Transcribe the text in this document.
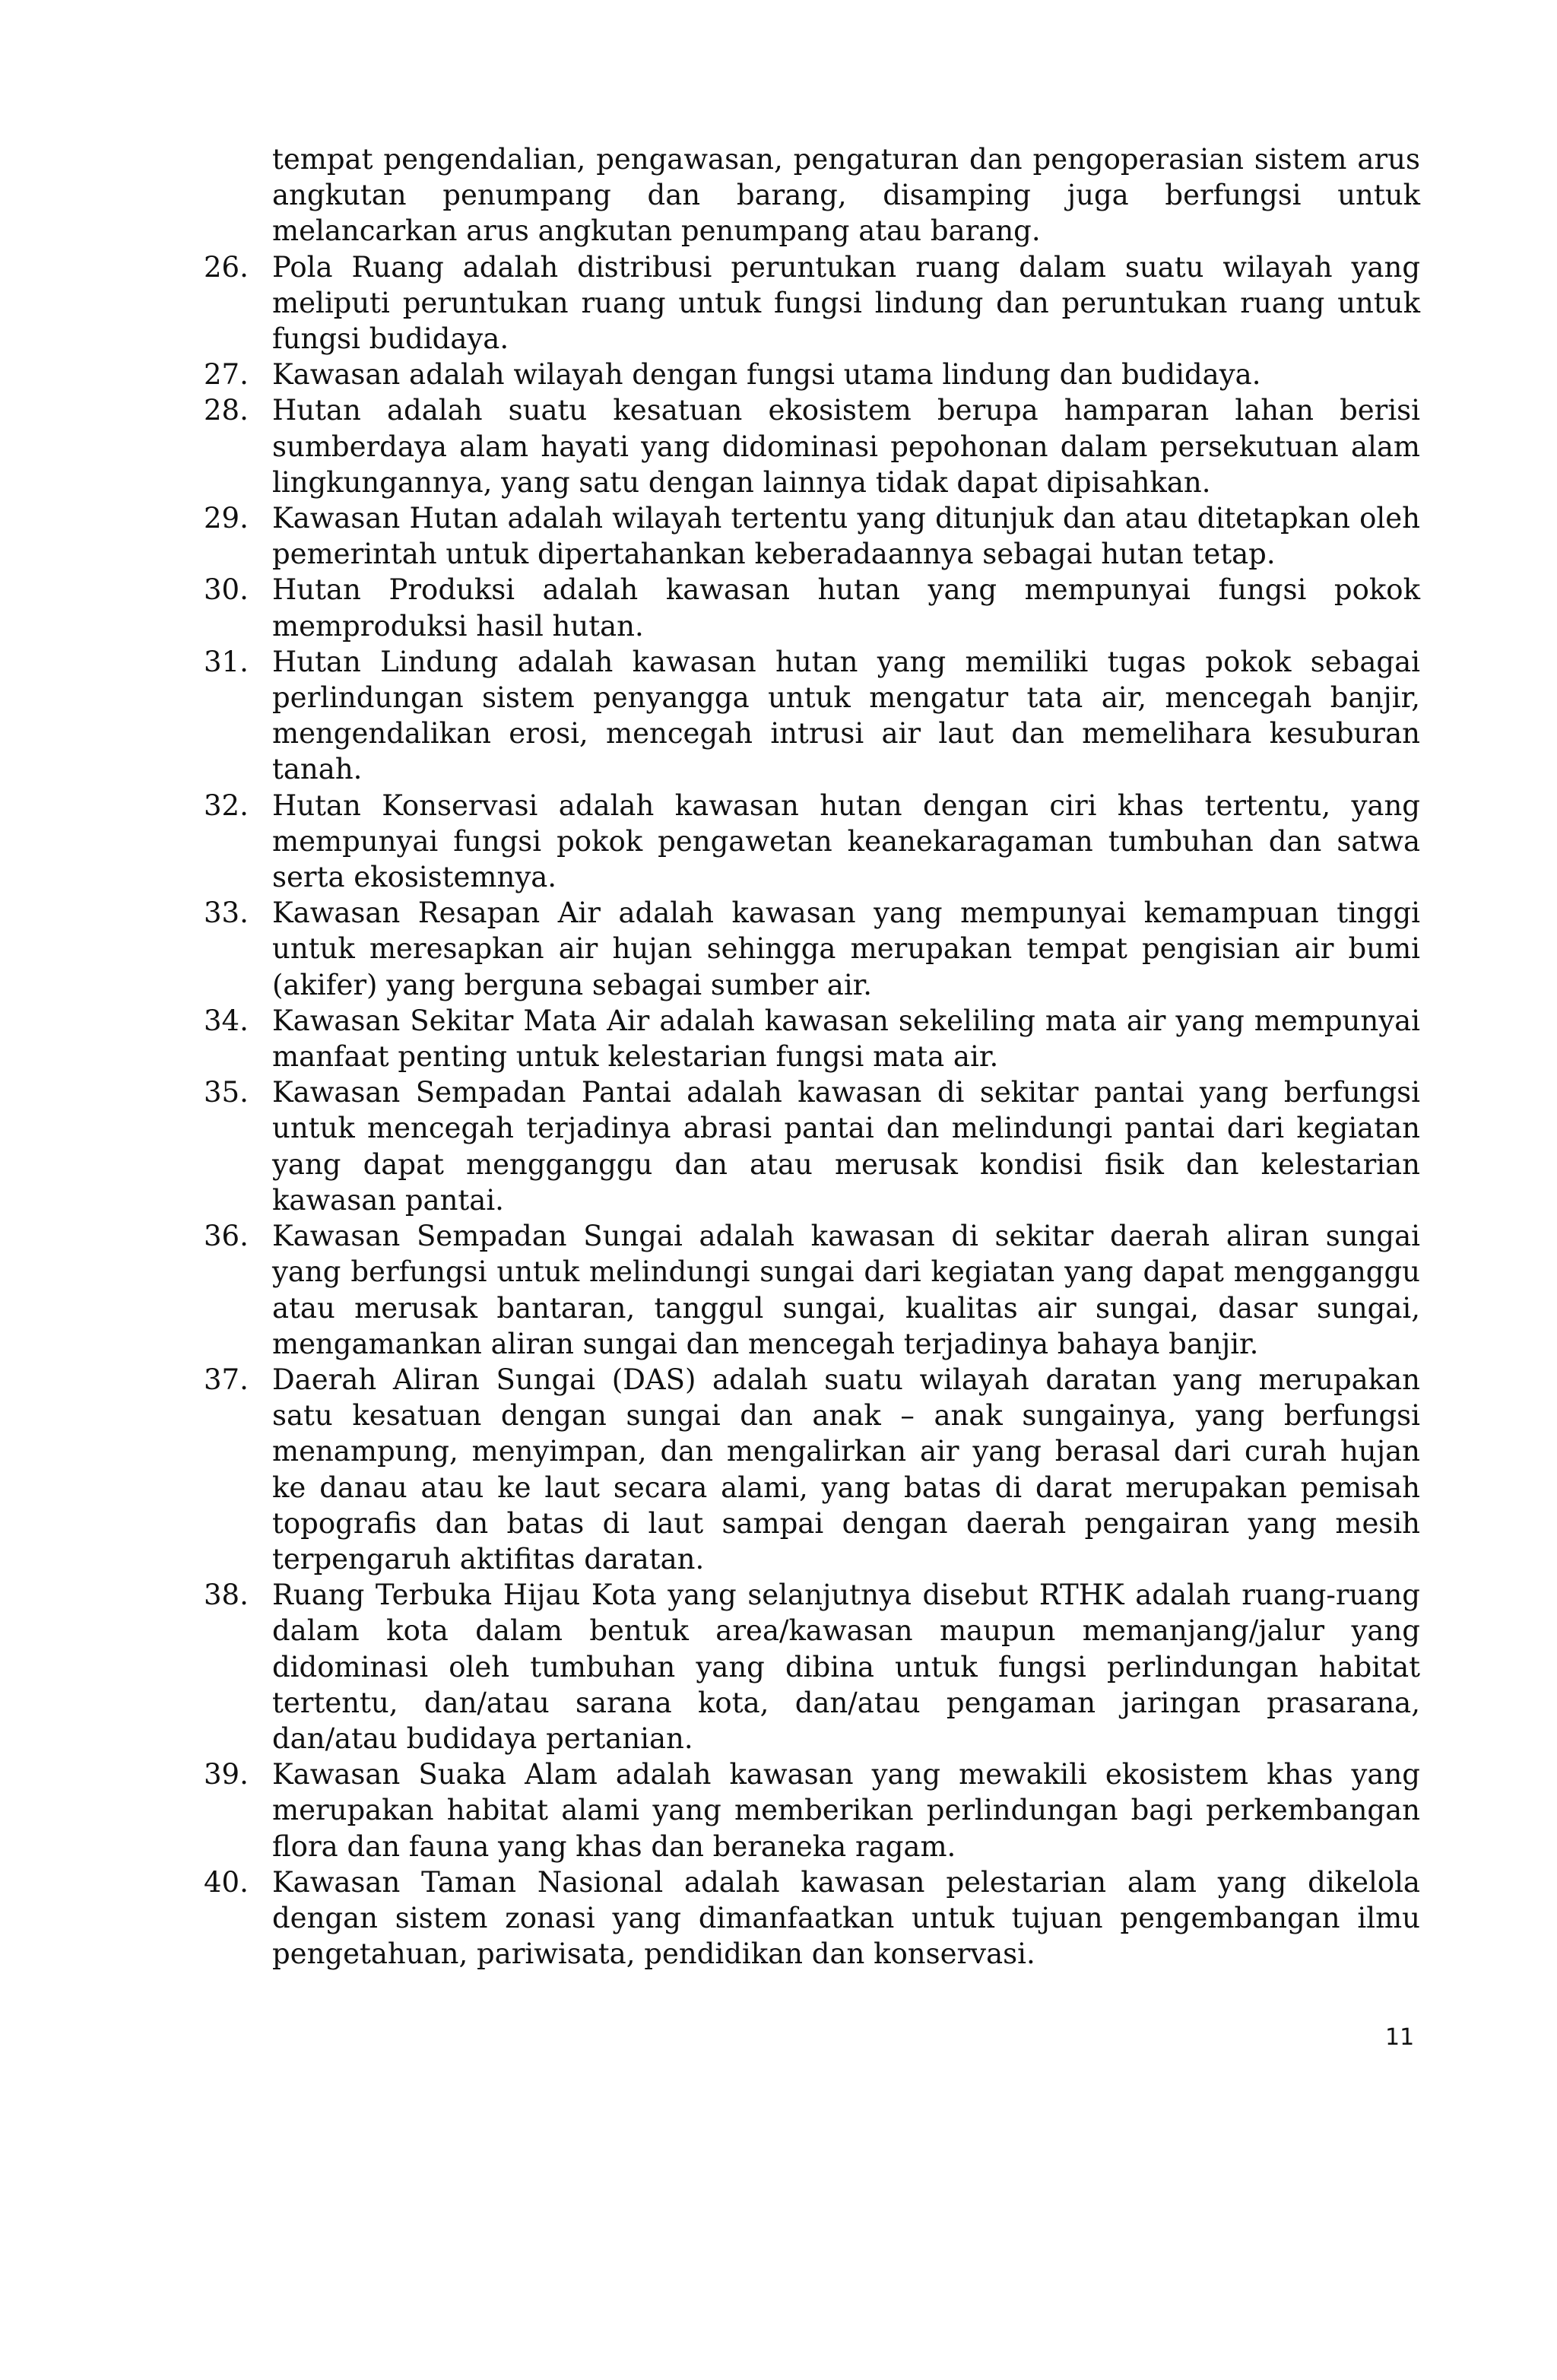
tempat pengendalian, pengawasan, pengaturan dan pengoperasian sistem arus angkutan penumpang dan barang, disamping juga berfungsi untuk melancarkan arus angkutan penumpang atau barang.

26. Pola Ruang adalah distribusi peruntukan ruang dalam suatu wilayah yang meliputi peruntukan ruang untuk fungsi lindung dan peruntukan ruang untuk fungsi budidaya.
27. Kawasan adalah wilayah dengan fungsi utama lindung dan budidaya.
28. Hutan adalah suatu kesatuan ekosistem berupa hamparan lahan berisi sumberdaya alam hayati yang didominasi pepohonan dalam persekutuan alam lingkungannya, yang satu dengan lainnya tidak dapat dipisahkan.
29. Kawasan Hutan adalah wilayah tertentu yang ditunjuk dan atau ditetapkan oleh pemerintah untuk dipertahankan keberadaannya sebagai hutan tetap.
30. Hutan Produksi adalah kawasan hutan yang mempunyai fungsi pokok memproduksi hasil hutan.
31. Hutan Lindung adalah kawasan hutan yang memiliki tugas pokok sebagai perlindungan sistem penyangga untuk mengatur tata air, mencegah banjir, mengendalikan erosi, mencegah intrusi air laut dan memelihara kesuburan tanah.
32. Hutan Konservasi adalah kawasan hutan dengan ciri khas tertentu, yang mempunyai fungsi pokok pengawetan keanekaragaman tumbuhan dan satwa serta ekosistemnya.
33. Kawasan Resapan Air adalah kawasan yang mempunyai kemampuan tinggi untuk meresapkan air hujan sehingga merupakan tempat pengisian air bumi (akifer) yang berguna sebagai sumber air.
34. Kawasan Sekitar Mata Air adalah kawasan sekeliling mata air yang mempunyai manfaat penting untuk kelestarian fungsi mata air.
35. Kawasan Sempadan Pantai adalah kawasan di sekitar pantai yang berfungsi untuk mencegah terjadinya abrasi pantai dan melindungi pantai dari kegiatan yang dapat mengganggu dan atau merusak kondisi fisik dan kelestarian kawasan pantai.
36. Kawasan Sempadan Sungai adalah kawasan di sekitar daerah aliran sungai yang berfungsi untuk melindungi sungai dari kegiatan yang dapat mengganggu atau merusak bantaran, tanggul sungai, kualitas air sungai, dasar sungai, mengamankan aliran sungai dan mencegah terjadinya bahaya banjir.
37. Daerah Aliran Sungai (DAS) adalah suatu wilayah daratan yang merupakan satu kesatuan dengan sungai dan anak – anak sungainya, yang berfungsi menampung, menyimpan, dan mengalirkan air yang berasal dari curah hujan ke danau atau ke laut secara alami, yang batas di darat merupakan pemisah topografis dan batas di laut sampai dengan daerah pengairan yang mesih terpengaruh aktifitas daratan.
38. Ruang Terbuka Hijau Kota yang selanjutnya disebut RTHK adalah ruang-ruang dalam kota dalam bentuk area/kawasan maupun memanjang/jalur yang didominasi oleh tumbuhan yang dibina untuk fungsi perlindungan habitat tertentu, dan/atau sarana kota, dan/atau pengaman jaringan prasarana, dan/atau budidaya pertanian.
39. Kawasan Suaka Alam adalah kawasan yang mewakili ekosistem khas yang merupakan habitat alami yang memberikan perlindungan bagi perkembangan flora dan fauna yang khas dan beraneka ragam.
40. Kawasan Taman Nasional adalah kawasan pelestarian alam yang dikelola dengan sistem zonasi yang dimanfaatkan untuk tujuan pengembangan ilmu pengetahuan, pariwisata, pendidikan dan konservasi.
11
